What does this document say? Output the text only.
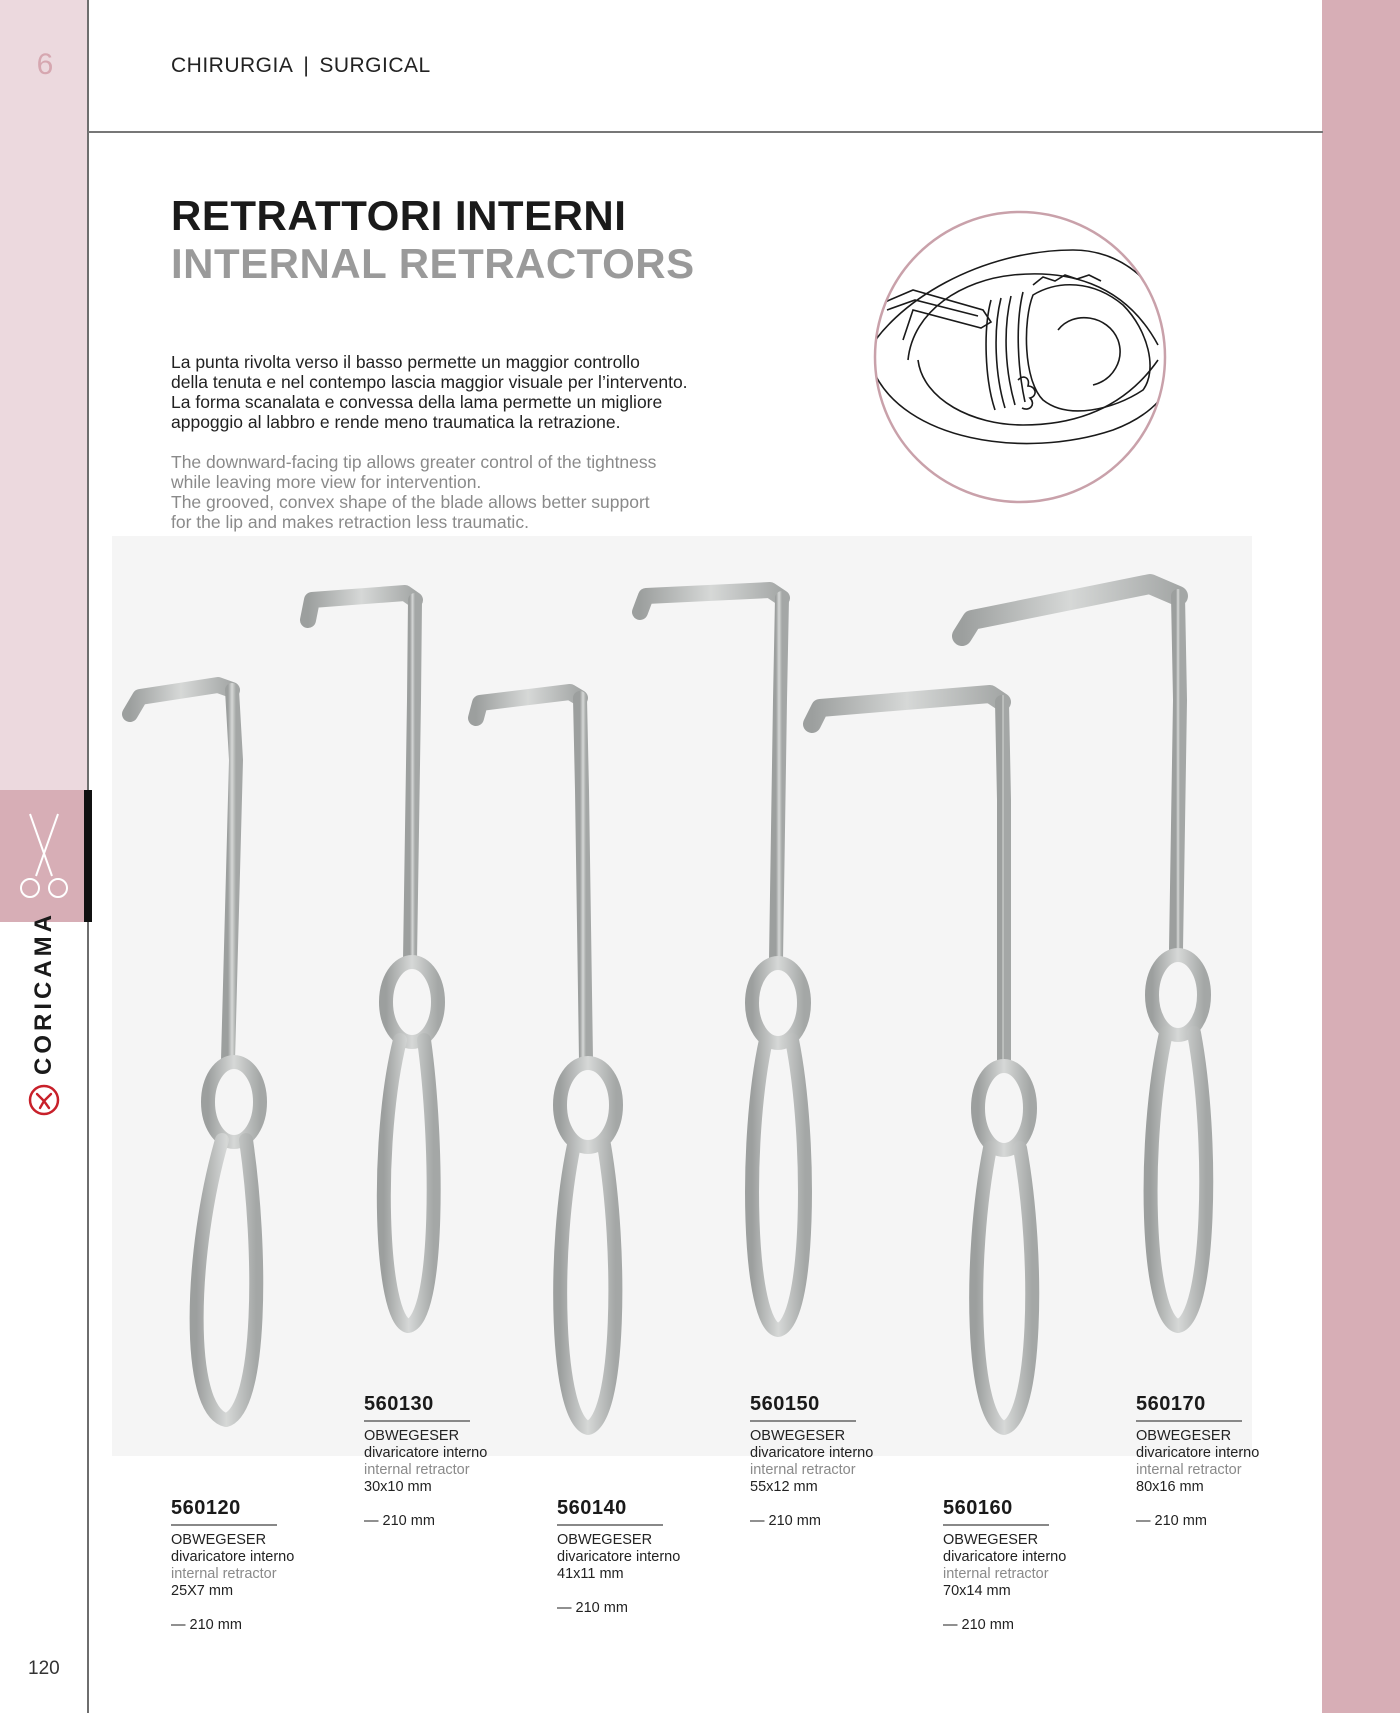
6	CHIRURGIA | SURGICAL
RETRATTORI INTERNI
INTERNAL RETRACTORS

La punta rivolta verso il basso permette un maggior controllo

della tenuta e nel contempo lascia maggior visuale per l’intervento.

La forma scanalata e convessa della lama permette un migliore

appoggio al labbro e rende meno traumatica la retrazione.

The downward-facing tip allows greater control of the tightness

while leaving more view for intervention.

The grooved, convex shape of the blade allows better support

for the lip and makes retraction less traumatic.

560120
OBWEGESER
divaricatore interno
internal retractor
25X7 mm
— 210 mm
560130
OBWEGESER
divaricatore interno
internal retractor
30x10 mm
— 210 mm
560140
OBWEGESER
divaricatore interno
41x11 mm
— 210 mm
560150
OBWEGESER
divaricatore interno
internal retractor
55x12 mm
— 210 mm
560160
OBWEGESER
divaricatore interno
internal retractor
70x14 mm
— 210 mm
560170
OBWEGESER
divaricatore interno
internal retractor
80x16 mm
— 210 mm
CORICAMA
120
